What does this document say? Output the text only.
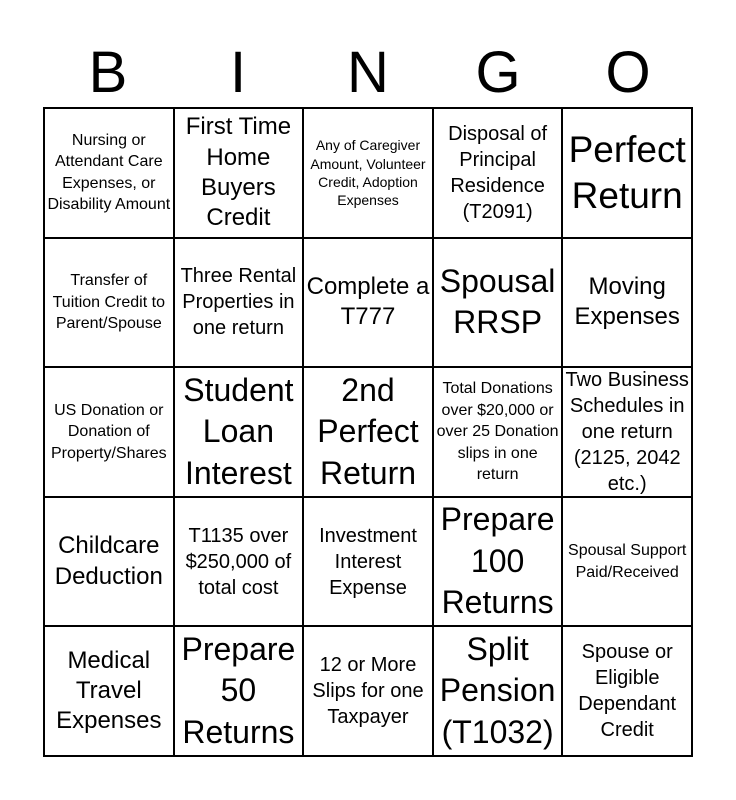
B	I	N	G	O
Nursing or Attendant Care Expenses, or Disability Amount
First Time Home Buyers Credit
Any of Caregiver Amount, Volunteer Credit, Adoption Expenses
Disposal of Principal Residence (T2091)
Perfect Return
Transfer of Tuition Credit to Parent/Spouse
Three Rental Properties in one return
Complete a T777
Spousal RRSP
Moving Expenses
US Donation or Donation of Property/Shares
Student Loan Interest
2nd Perfect Return
Total Donations over $20,000 or over 25 Donation slips in one return
Two Business Schedules in one return (2125, 2042 etc.)
Childcare Deduction
T1135 over $250,000 of total cost
Investment Interest Expense
Prepare 100 Returns
Spousal Support Paid/Received
Medical Travel Expenses
Prepare 50 Returns
12 or More Slips for one Taxpayer
Split Pension (T1032)
Spouse or Eligible Dependant Credit
